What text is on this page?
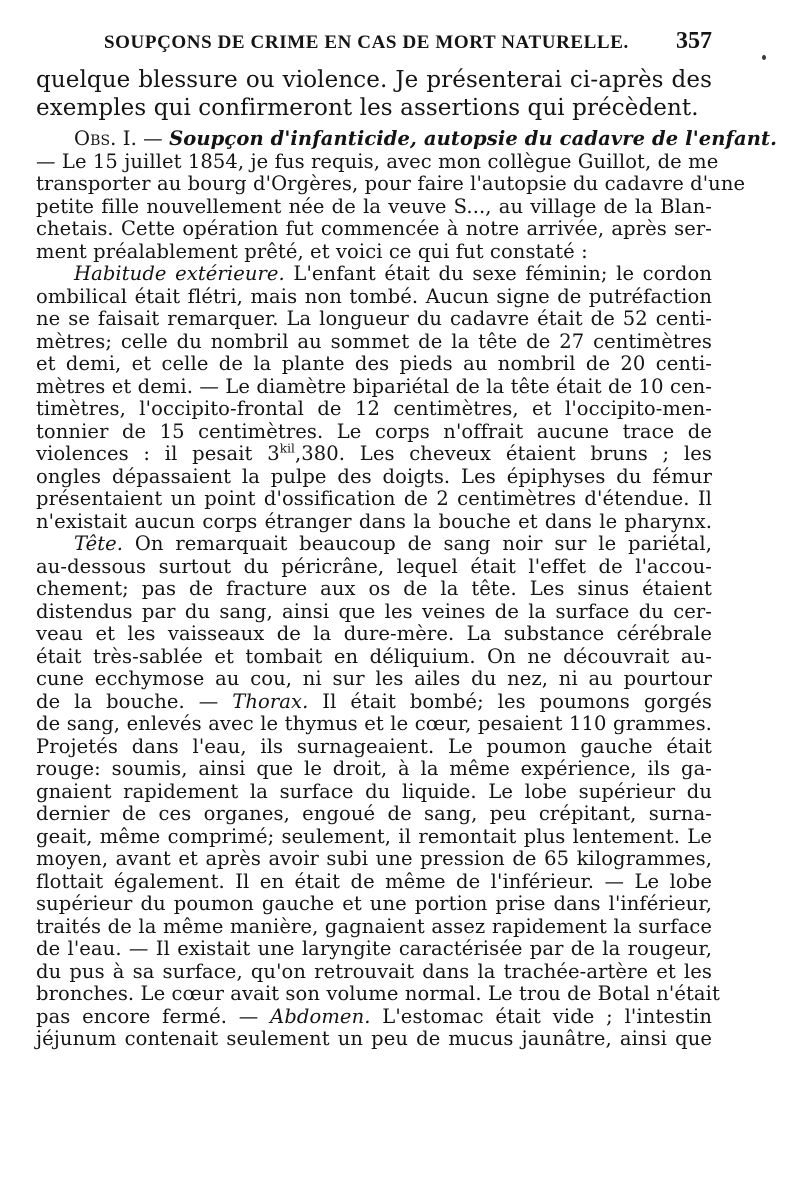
SOUPÇONS DE CRIME EN CAS DE MORT NATURELLE. 357
quelque blessure ou violence. Je présenterai ci-après des
exemples qui confirmeront les assertions qui précèdent.
Obs. I. — Soupçon d'infanticide, autopsie du cadavre de l'enfant.
— Le 15 juillet 1854, je fus requis, avec mon collègue Guillot, de me
transporter au bourg d'Orgères, pour faire l'autopsie du cadavre d'une
petite fille nouvellement née de la veuve S..., au village de la Blan-
chetais. Cette opération fut commencée à notre arrivée, après ser-
ment préalablement prêté, et voici ce qui fut constaté :
Habitude extérieure. L'enfant était du sexe féminin; le cordon
ombilical était flétri, mais non tombé. Aucun signe de putréfaction
ne se faisait remarquer. La longueur du cadavre était de 52 centi-
mètres; celle du nombril au sommet de la tête de 27 centimètres
et demi, et celle de la plante des pieds au nombril de 20 centi-
mètres et demi. — Le diamètre bipariétal de la tête était de 10 cen-
timètres, l'occipito-frontal de 12 centimètres, et l'occipito-men-
tonnier de 15 centimètres. Le corps n'offrait aucune trace de
violences : il pesait $3^{kil},380$. Les cheveux étaient bruns ; les
ongles dépassaient la pulpe des doigts. Les épiphyses du fémur
présentaient un point d'ossification de 2 centimètres d'étendue. Il
n'existait aucun corps étranger dans la bouche et dans le pharynx.
Tête. On remarquait beaucoup de sang noir sur le pariétal,
au-dessous surtout du péricrâne, lequel était l'effet de l'accou-
chement; pas de fracture aux os de la tête. Les sinus étaient
distendus par du sang, ainsi que les veines de la surface du cer-
veau et les vaisseaux de la dure-mère. La substance cérébrale
était très-sablée et tombait en déliquium. On ne découvrait au-
cune ecchymose au cou, ni sur les ailes du nez, ni au pourtour
de la bouche. — Thorax. Il était bombé; les poumons gorgés
de sang, enlevés avec le thymus et le cœur, pesaient 110 grammes.
Projetés dans l'eau, ils surnageaient. Le poumon gauche était
rouge: soumis, ainsi que le droit, à la même expérience, ils ga-
gnaient rapidement la surface du liquide. Le lobe supérieur du
dernier de ces organes, engoué de sang, peu crépitant, surna-
geait, même comprimé; seulement, il remontait plus lentement. Le
moyen, avant et après avoir subi une pression de 65 kilogrammes,
flottait également. Il en était de même de l'inférieur. — Le lobe
supérieur du poumon gauche et une portion prise dans l'inférieur,
traités de la même manière, gagnaient assez rapidement la surface
de l'eau. — Il existait une laryngite caractérisée par de la rougeur,
du pus à sa surface, qu'on retrouvait dans la trachée-artère et les
bronches. Le cœur avait son volume normal. Le trou de Botal n'était
pas encore fermé. — Abdomen. L'estomac était vide ; l'intestin
jéjunum contenait seulement un peu de mucus jaunâtre, ainsi que
